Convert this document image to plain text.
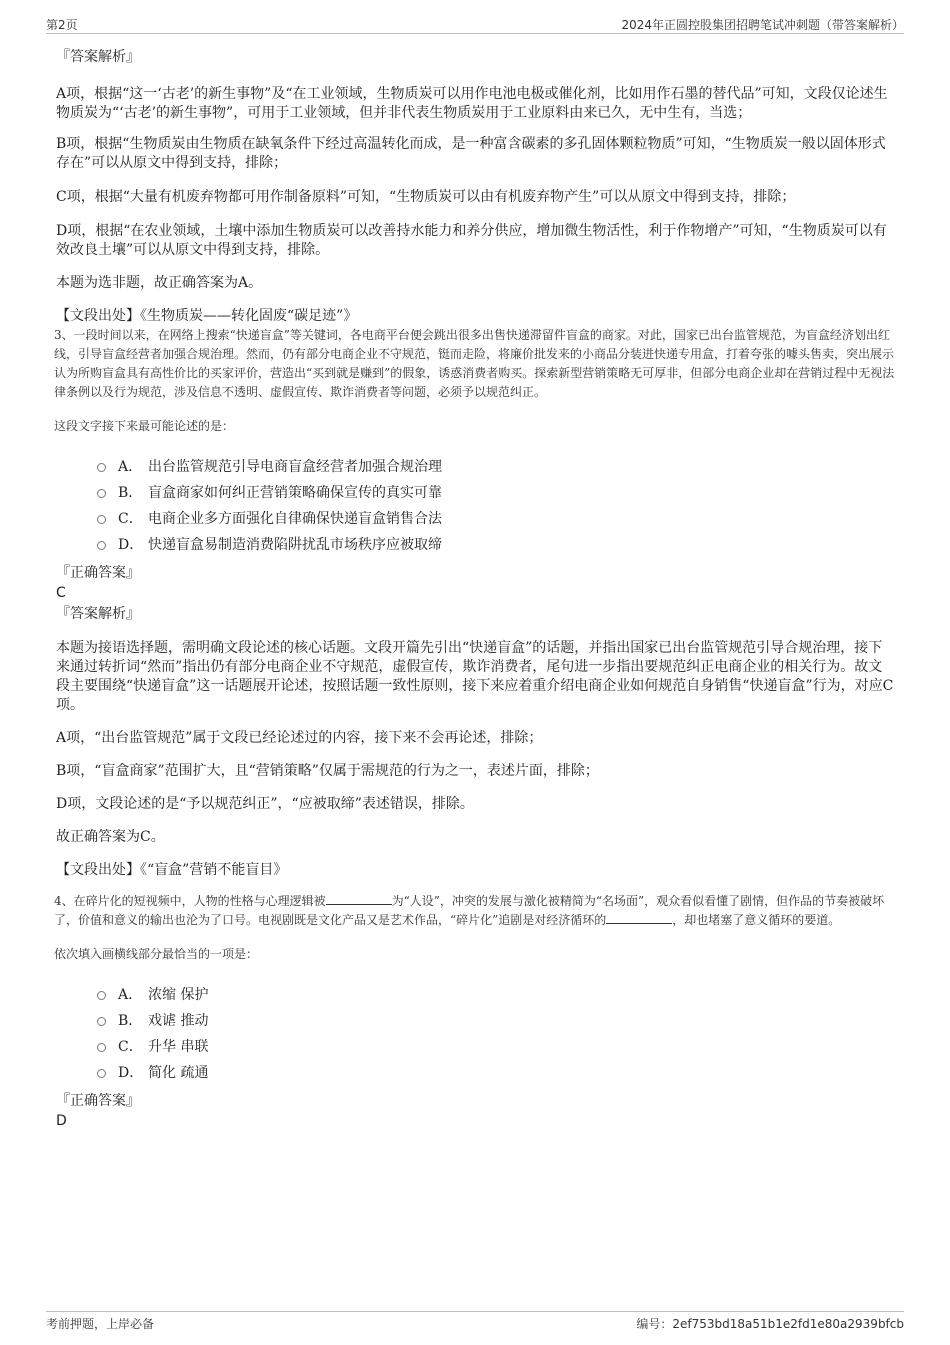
第2页	2024年正圆控股集团招聘笔试冲刺题（带答案解析）

『答案解析』

A项，根据“这一‘古老’的新生事物”及“在工业领域，生物质炭可以用作电池电极或催化剂，比如用作石墨的替代品”可知，文段仅论述生物质炭为“‘古老’的新生事物”，可用于工业领域，但并非代表生物质炭用于工业原料由来已久，无中生有，当选；

B项，根据“生物质炭由生物质在缺氧条件下经过高温转化而成，是一种富含碳素的多孔固体颗粒物质”可知，“生物质炭一般以固体形式存在”可以从原文中得到支持，排除；

C项，根据“大量有机废弃物都可用作制备原料”可知，“生物质炭可以由有机废弃物产生”可以从原文中得到支持，排除；

D项，根据“在农业领域，土壤中添加生物质炭可以改善持水能力和养分供应，增加微生物活性，利于作物增产”可知，“生物质炭可以有效改良土壤”可以从原文中得到支持，排除。

本题为选非题，故正确答案为A。

【文段出处】《生物质炭——转化固废“碳足迹”》

3、一段时间以来，在网络上搜索“快递盲盒”等关键词，各电商平台便会跳出很多出售快递滞留件盲盒的商家。对此，国家已出台监管规范，为盲盒经济划出红线，引导盲盒经营者加强合规治理。然而，仍有部分电商企业不守规范，铤而走险，将廉价批发来的小商品分装进快递专用盒，打着夸张的噱头售卖，突出展示认为所购盲盒具有高性价比的买家评价，营造出“买到就是赚到”的假象，诱惑消费者购买。探索新型营销策略无可厚非，但部分电商企业却在营销过程中无视法律条例以及行为规范，涉及信息不透明、虚假宣传、欺诈消费者等问题，必须予以规范纠正。

这段文字接下来最可能论述的是：

A． 出台监管规范引导电商盲盒经营者加强合规治理
B． 盲盒商家如何纠正营销策略确保宣传的真实可靠
C． 电商企业多方面强化自律确保快递盲盒销售合法
D． 快递盲盒易制造消费陷阱扰乱市场秩序应被取缔

『正确答案』

C

『答案解析』

本题为接语选择题，需明确文段论述的核心话题。文段开篇先引出“快递盲盒”的话题，并指出国家已出台监管规范引导合规治理，接下来通过转折词“然而”指出仍有部分电商企业不守规范，虚假宣传，欺诈消费者，尾句进一步指出要规范纠正电商企业的相关行为。故文段主要围绕“快递盲盒”这一话题展开论述，按照话题一致性原则，接下来应着重介绍电商企业如何规范自身销售“快递盲盒”行为，对应C项。

A项，“出台监管规范”属于文段已经论述过的内容，接下来不会再论述，排除；

B项，“盲盒商家”范围扩大，且“营销策略”仅属于需规范的行为之一，表述片面，排除；

D项，文段论述的是“予以规范纠正”，“应被取缔”表述错误，排除。

故正确答案为C。

【文段出处】《“盲盒”营销不能盲目》

4、在碎片化的短视频中，人物的性格与心理逻辑被	为“人设”，冲突的发展与激化被精简为“名场面”，观众看似看懂了剧情，但作品的节奏被破坏了，价值和意义的输出也沦为了口号。电视剧既是文化产品又是艺术作品，“碎片化”追剧是对经济循环的	，却也堵塞了意义循环的要道。

依次填入画横线部分最恰当的一项是：

A． 浓缩 保护
B． 戏谑 推动
C． 升华 串联
D． 简化 疏通

『正确答案』

D

考前押题，上岸必备	编号：2ef753bd18a51b1e2fd1e80a2939bfcb
